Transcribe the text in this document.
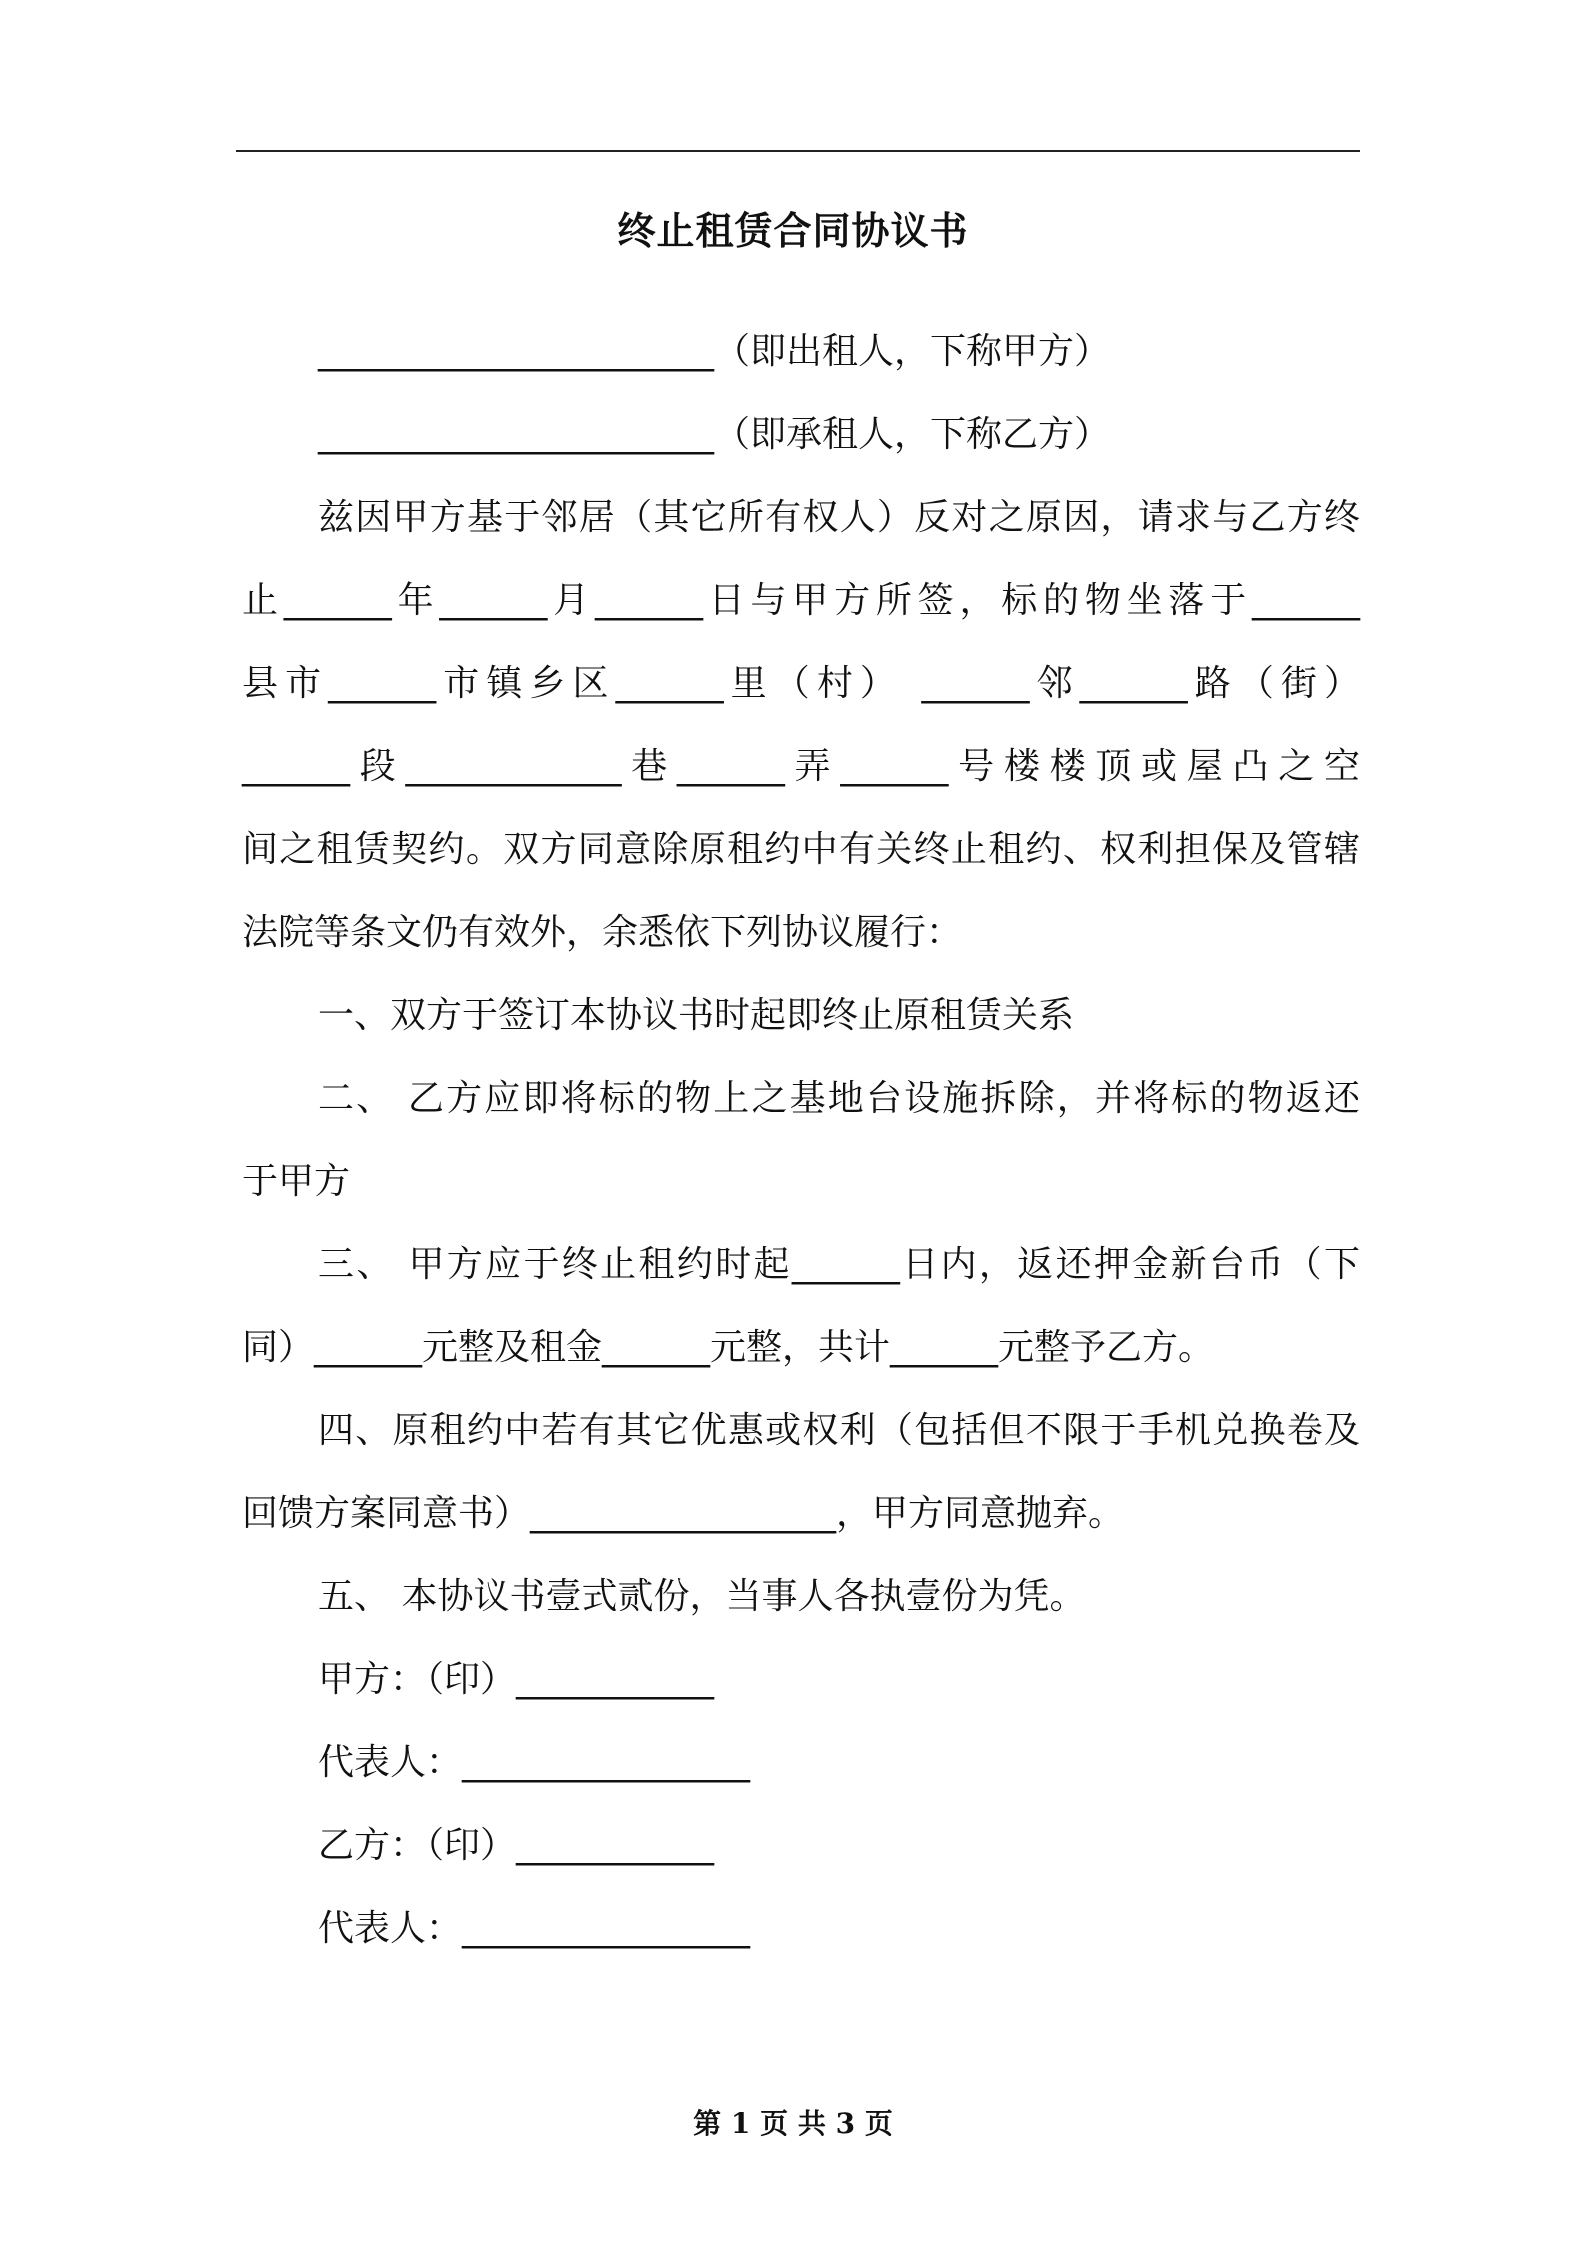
终止租赁合同协议书
______________________（即出租人，下称甲方）
______________________（即承租人，下称乙方）
兹因甲方基于邻居（其它所有权人）反对之原因，请求与乙方终
止______年______月______日与甲方所签，标的物坐落于______
县市______市镇乡区______里（村） ______邻______路（街）
______段____________巷______弄______号楼楼顶或屋凸之空
间之租赁契约。双方同意除原租约中有关终止租约、权利担保及管辖
法院等条文仍有效外，余悉依下列协议履行：
一、双方于签订本协议书时起即终止原租赁关系
二、 乙方应即将标的物上之基地台设施拆除，并将标的物返还
于甲方
三、 甲方应于终止租约时起______日内，返还押金新台币（下
同）______元整及租金______元整，共计______元整予乙方。
四、原租约中若有其它优惠或权利（包括但不限于手机兑换卷及
回馈方案同意书）_________________，甲方同意抛弃。
五、 本协议书壹式贰份，当事人各执壹份为凭。
甲方：（印）___________
代表人：________________
乙方：（印）___________
代表人：________________
第 1 页 共 3 页
